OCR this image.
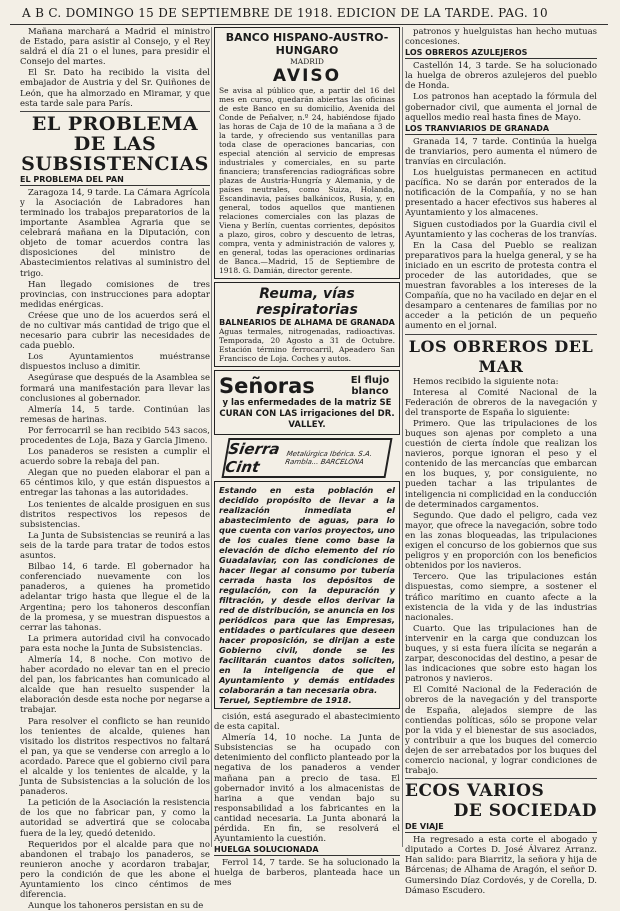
A B C. DOMINGO 15 DE SEPTIEMBRE DE 1918. EDICION DE LA TARDE. PAG. 10

Mañana marchará a Madrid el ministro de Estado, para asistir al Consejo, y el Rey saldrá el día 21 o el lunes, para presidir el Consejo del martes.

El Sr. Dato ha recibido la visita del embajador de Austria y del Sr. Quiñones de León, que ha almorzado en Miramar, y que esta tarde sale para París.

EL PROBLEMA DE LAS SUBSISTENCIAS
EL PROBLEMA DEL PAN

Zaragoza 14, 9 tarde. La Cámara Agrícola y la Asociación de Labradores han terminado los trabajos preparatorios de la importante Asamblea Agraria que se celebrará mañana en la Diputación, con objeto de tomar acuerdos contra las disposiciones del ministro de Abastecimientos relativas al suministro del trigo.

Han llegado comisiones de tres provincias, con instrucciones para adoptar medidas enérgicas.

Créese que uno de los acuerdos será el de no cultivar más cantidad de trigo que el necesario para cubrir las necesidades de cada pueblo.

Los Ayuntamientos muéstranse dispuestos incluso a dimitir.

Asegúrase que después de la Asamblea se formará una manifestación para llevar las conclusiones al gobernador.

Almería 14, 5 tarde. Continúan las remesas de harinas.

Por ferrocarril se han recibido 543 sacos, procedentes de Loja, Baza y Garcia Jimeno.

Los panaderos se resisten a cumplir el acuerdo sobre la rebaja del pan.

Alegan que no pueden elaborar el pan a 65 céntimos kilo, y que están dispuestos a entregar las tahonas a las autoridades.

Los tenientes de alcalde prosiguen en sus distritos respectivos los repesos de subsistencias.

La Junta de Subsistencias se reunirá a las seis de la tarde para tratar de todos estos asuntos.

Bilbao 14, 6 tarde. El gobernador ha conferenciado nuevamente con los panaderos, a quienes ha prometido adelantar trigo hasta que llegue el de la Argentina; pero los tahoneros desconfían de la promesa, y se muestran dispuestos a cerrar las tahonas.

La primera autoridad civil ha convocado para esta noche la Junta de Subsistencias.

Almería 14, 8 noche. Con motivo de haber acordado no elevar tan en el precio del pan, los fabricantes han comunicado al alcalde que han resuelto suspender la elaboración desde esta noche por negarse a trabajar.

Para resolver el conflicto se han reunido los tenientes de alcalde, quienes han visitado los distritos respectivos no faltará el pan, ya que se venderse con arreglo a lo acordado. Parece que el gobierno civil para el alcalde y los tenientes de alcalde, y la Junta de Subsistencias a la solución de los panaderos.

La petición de la Asociación la resistencia de los que no fabricar pan, y como la autoridad se advertirá que se colocaba fuera de la ley, quedó detenido.

Requeridos por el alcalde para que no abandonen el trabajo los panaderos, se reunieron anoche y acordaron trabajar, pero la condición de que les abone el Ayuntamiento los cinco céntimos de diferencia.

Aunque los tahoneros persistan en su de

BANCO HISPANO-AUSTRO-HUNGARO
MADRID
AVISO

Se avisa al público que, a partir del 16 del mes en curso, quedarán abiertas las oficinas de este Banco en su domicilio, Avenida del Conde de Peñalver, n.º 24, habiéndose fijado las horas de Caja de 10 de la mañana a 3 de la tarde, y ofreciendo sus ventanillas para toda clase de operaciones bancarias, con especial atención al servicio de empresas industriales y comerciales, en su parte financiera; transferencias radiográficas sobre plazas de Austria-Hungría y Alemania, y de países neutrales, como Suiza, Holanda, Escandinavia, países balkánicos, Rusia, y, en general, todos aquellos que mantienen relaciones comerciales con las plazas de Viena y Berlín, cuentas corrientes, depósitos a plazo, giros, cobro y descuento de letras, compra, venta y administración de valores y, en general, todas las operaciones ordinarias de Banca.—Madrid, 15 de Septiembre de 1918. G. Damián, director gerente.

Reuma, vías respiratorias
BALNEARIOS DE ALHAMA DE GRANADA

Aguas termales, nitrogenadas, radioactivas. Temporada, 20 Agosto a 31 de Octubre. Estación término ferrocarril, Apeadero San Francisco de Loja. Coches y autos.

Señoras	El flujo blanco
y las enfermedades de la matriz SE CURAN CON LAS irrigaciones del DR. VALLEY.
Sierra Cint
Metalúrgica Ibérica. S.A. Rambla... BARCELONA
Estando en esta población el decidido propósito de llevar a la realización inmediata el abastecimiento de aguas, para lo que cuenta con varios proyectos, uno de los cuales tiene como base la elevación de dicho elemento del río Guadalaviar, con las condiciones de hacer llegar al consumo por tubería cerrada hasta los depósitos de regulación, con la depuración y filtración, y desde ellos derivar la red de distribución, se anuncia en los periódicos para que las Empresas, entidades o particulares que deseen hacer proposición, se dirijan a este Gobierno civil, donde se les facilitarán cuantos datos soliciten, en la inteligencia de que el Ayuntamiento y demás entidades colaborarán a tan necesaria obra.
Teruel, Septiembre de 1918.

cisión, está asegurado el abastecimiento de esta capital.

Almería 14, 10 noche. La Junta de Subsistencias se ha ocupado con detenimiento del conflicto planteado por la negativa de los panaderos a vender mañana pan a precio de tasa. El gobernador invitó a los almacenistas de harina a que vendan bajo su responsabilidad a los fabricantes en la cantidad necesaria. La Junta abonará la pérdida. En fin, se resolverá el Ayuntamiento la cuestión.

HUELGA SOLUCIONADA

Ferrol 14, 7 tarde. Se ha solucionado la huelga de barberos, planteada hace un mes

patronos y huelguistas han hecho mutuas concesiones.

LOS OBREROS AZULEJEROS

Castellón 14, 3 tarde. Se ha solucionado la huelga de obreros azulejeros del pueblo de Honda.

Los patronos han aceptado la fórmula del gobernador civil, que aumenta el jornal de aquellos medio real hasta fines de Mayo.

LOS TRANVIARIOS DE GRANADA

Granada 14, 7 tarde. Continúa la huelga de tranviarios, pero aumenta el número de tranvías en circulación.

Los huelguistas permanecen en actitud pacífica. No se darán por enterados de la notificación de la Compañía, y no se han presentado a hacer efectivos sus haberes al Ayuntamiento y los almacenes.

Siguen custodiados por la Guardia civil el Ayuntamiento y las cocheras de los tranvías.

En la Casa del Pueblo se realizan preparativos para la huelga general, y se ha iniciado en un escrito de protesta contra el proceder de las autoridades, que se muestran favorables a los intereses de la Compañía, que no ha vacilado en dejar en el desamparo a centenares de familias por no acceder a la petición de un pequeño aumento en el jornal.

LOS OBREROS DEL MAR

Hemos recibido la siguiente nota:

Interesa al Comité Nacional de la Federación de obreros de la navegación y del transporte de España lo siguiente:

Primero. Que las tripulaciones de los buques son ajenas por completo a una cuestión de cierta índole que realizan los navieros, porque ignoran el peso y el contenido de las mercancías que embarcan en los buques, y, por consiguiente, no pueden tachar a las tripulantes de inteligencia ni complicidad en la conducción de determinados cargamentos.

Segundo. Que dado el peligro, cada vez mayor, que ofrece la navegación, sobre todo en las zonas bloqueadas, las tripulaciones exigen el concurso de los gobiernos que sus peligros y en proporción con los beneficios obtenidos por los navieros.

Tercero. Que las tripulaciones están dispuestas, como siempre, a sostener el tráfico marítimo en cuanto afecte a la existencia de la vida y de las industrias nacionales.

Cuarto. Que las tripulaciones han de intervenir en la carga que conduzcan los buques, y si esta fuera ilícita se negarán a zarpar, desconocidas del destino, a pesar de las indicaciones que sobre esto hagan los patronos y navieros.

El Comité Nacional de la Federación de obreros de la navegación y del transporte de España, alejados siempre de las contiendas políticas, sólo se propone velar por la vida y el bienestar de sus asociados, y contribuir a que los buques del comercio dejen de ser arrebatados por los buques del comercio nacional, y lograr condiciones de trabajo.

ECOS VARIOS
DE SOCIEDAD
DE VIAJE

Ha regresado a esta corte el abogado y diputado a Cortes D. José Álvarez Arranz. Han salido: para Biarritz, la señora y hija de Bárcenas; de Alhama de Aragón, el señor D. Gumersindo Díaz Cordovés, y de Corella, D. Dámaso Escudero.
